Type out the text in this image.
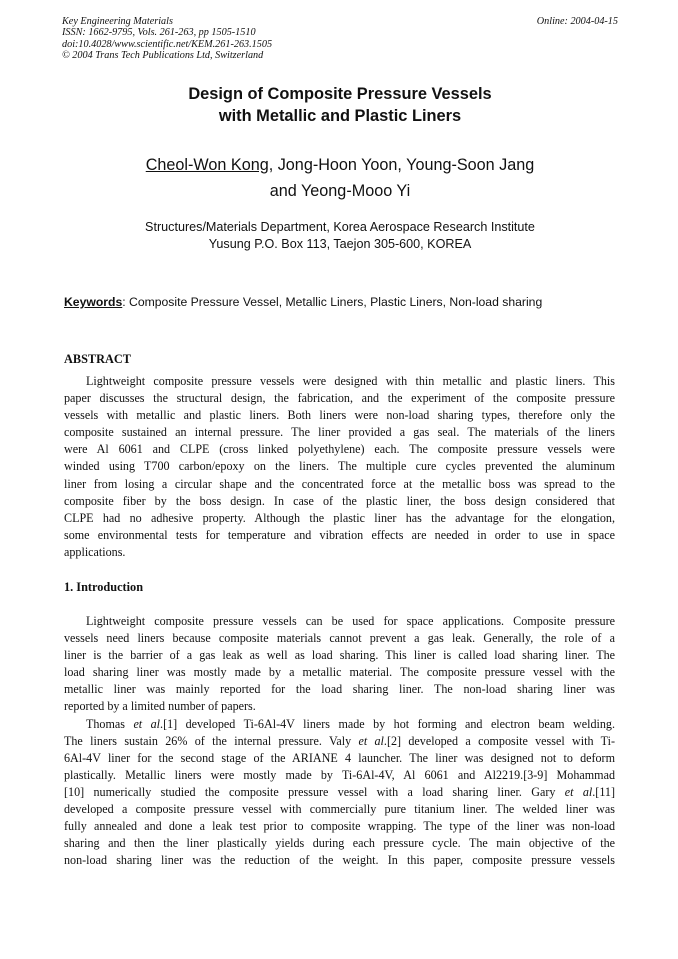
Key Engineering Materials
ISSN: 1662-9795, Vols. 261-263, pp 1505-1510
doi:10.4028/www.scientific.net/KEM.261-263.1505
© 2004 Trans Tech Publications Ltd, Switzerland
Online: 2004-04-15
Design of Composite Pressure Vessels
with Metallic and Plastic Liners
Cheol-Won Kong, Jong-Hoon Yoon, Young-Soon Jang
and Yeong-Mooo Yi
Structures/Materials Department, Korea Aerospace Research Institute
Yusung P.O. Box 113, Taejon 305-600, KOREA
Keywords: Composite Pressure Vessel, Metallic Liners, Plastic Liners, Non-load sharing
ABSTRACT
Lightweight composite pressure vessels were designed with thin metallic and plastic liners. This
paper discusses the structural design, the fabrication, and the experiment of the composite pressure
vessels with metallic and plastic liners. Both liners were non-load sharing types, therefore only the
composite sustained an internal pressure. The liner provided a gas seal. The materials of the liners
were Al 6061 and CLPE (cross linked polyethylene) each. The composite pressure vessels were
winded using T700 carbon/epoxy on the liners. The multiple cure cycles prevented the aluminum
liner from losing a circular shape and the concentrated force at the metallic boss was spread to the
composite fiber by the boss design. In case of the plastic liner, the boss design considered that
CLPE had no adhesive property. Although the plastic liner has the advantage for the elongation,
some environmental tests for temperature and vibration effects are needed in order to use in space
applications.
1. Introduction
Lightweight composite pressure vessels can be used for space applications. Composite pressure
vessels need liners because composite materials cannot prevent a gas leak. Generally, the role of a
liner is the barrier of a gas leak as well as load sharing. This liner is called load sharing liner. The
load sharing liner was mostly made by a metallic material. The composite pressure vessel with the
metallic liner was mainly reported for the load sharing liner. The non-load sharing liner was
reported by a limited number of papers.
Thomas et al.[1] developed Ti-6Al-4V liners made by hot forming and electron beam welding.
The liners sustain 26% of the internal pressure. Valy et al.[2] developed a composite vessel with Ti-
6Al-4V liner for the second stage of the ARIANE 4 launcher. The liner was designed not to deform
plastically. Metallic liners were mostly made by Ti-6Al-4V, Al 6061 and Al2219.[3-9] Mohammad
[10] numerically studied the composite pressure vessel with a load sharing liner. Gary et al.[11]
developed a composite pressure vessel with commercially pure titanium liner. The welded liner was
fully annealed and done a leak test prior to composite wrapping. The type of the liner was non-load
sharing and then the liner plastically yields during each pressure cycle. The main objective of the
non-load sharing liner was the reduction of the weight. In this paper, composite pressure vessels
